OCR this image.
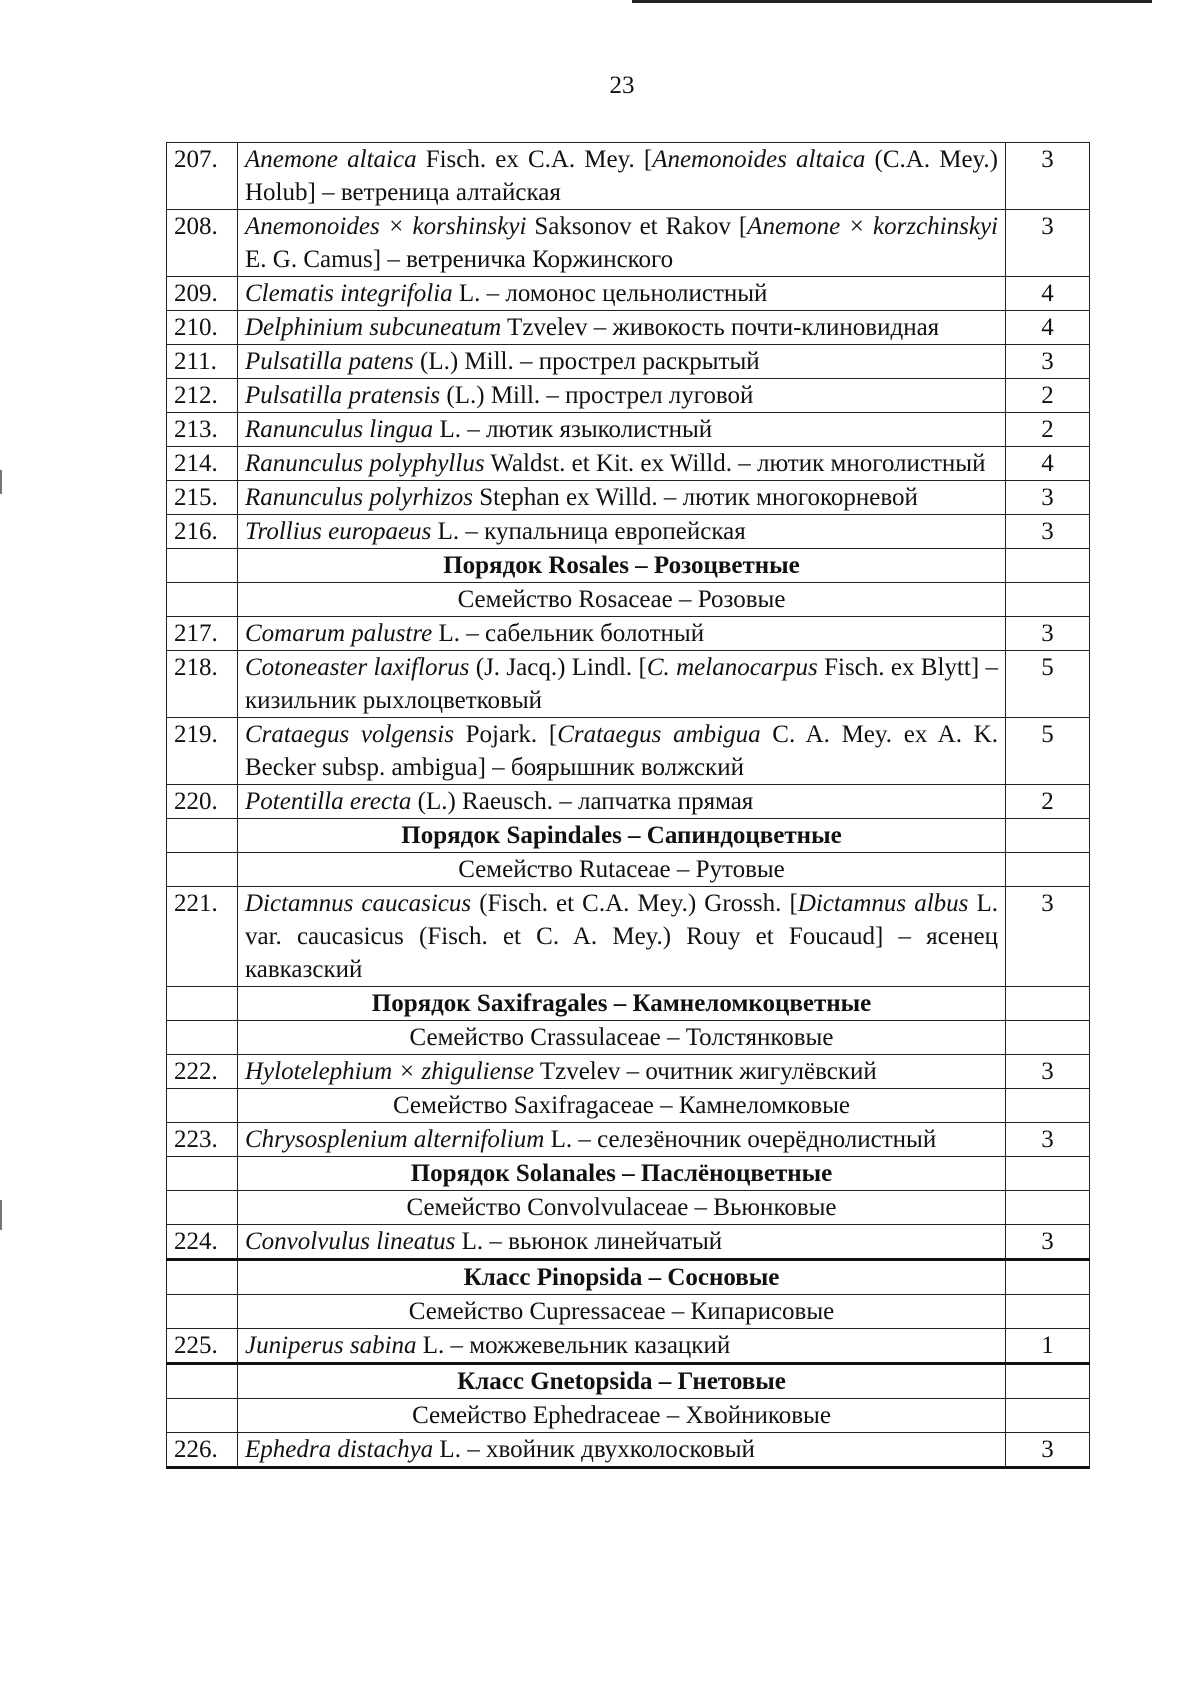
23
207.	Anemone altaica Fisch. ex C.A. Mey. [Anemonoides altaica (C.A. Mey.) Holub] – ветреница алтайская	3
208.	Anemonoides × korshinskyi Saksonov et Rakov [Anemone × korzchinskyi E. G. Camus] – ветреничка Коржинского	3
209.	Clematis integrifolia L. – ломонос цельнолистный	4
210.	Delphinium subcuneatum Tzvelev – живокость почти-клиновидная	4
211.	Pulsatilla patens (L.) Mill. – прострел раскрытый	3
212.	Pulsatilla pratensis (L.) Mill. – прострел луговой	2
213.	Ranunculus lingua L. – лютик языколистный	2
214.	Ranunculus polyphyllus Waldst. et Kit. ex Willd. – лютик многолистный	4
215.	Ranunculus polyrhizos Stephan ex Willd. – лютик многокорневой	3
216.	Trollius europaeus L. – купальница европейская	3
	Порядок Rosales – Розоцветные	
	Семейство Rosaceae – Розовые	
217.	Comarum palustre L. – сабельник болотный	3
218.	Cotoneaster laxiflorus (J. Jacq.) Lindl. [C. melanocarpus Fisch. ex Blytt] – кизильник рыхлоцветковый	5
219.	Crataegus volgensis Pojark. [Crataegus ambigua C. A. Mey. ex A. K. Becker subsp. ambigua] – боярышник волжский	5
220.	Potentilla erecta (L.) Raeusch. – лапчатка прямая	2
	Порядок Sapindales – Сапиндоцветные	
	Семейство Rutaceae – Рутовые	
221.	Dictamnus caucasicus (Fisch. et C.A. Mey.) Grossh. [Dictamnus albus L. var. caucasicus (Fisch. et C. A. Mey.) Rouy et Foucaud] – ясенец кавказский	3
	Порядок Saxifragales – Камнеломкоцветные	
	Семейство Crassulaceae – Толстянковые	
222.	Hylotelephium × zhiguliense Tzvelev – очитник жигулёвский	3
	Семейство Saxifragaceae – Камнеломковые	
223.	Chrysosplenium alternifolium L. – селезёночник очерёднолистный	3
	Порядок Solanales – Паслёноцветные	
	Семейство Convolvulaceae – Вьюнковые	
224.	Convolvulus lineatus L. – вьюнок линейчатый	3
	Класс Pinopsida – Сосновые	
	Семейство Cupressaceae – Кипарисовые	
225.	Juniperus sabina L. – можжевельник казацкий	1
	Класс Gnetopsida – Гнетовые	
	Семейство Ephedraceae – Хвойниковые	
226.	Ephedra distachya L. – хвойник двухколосковый	3
